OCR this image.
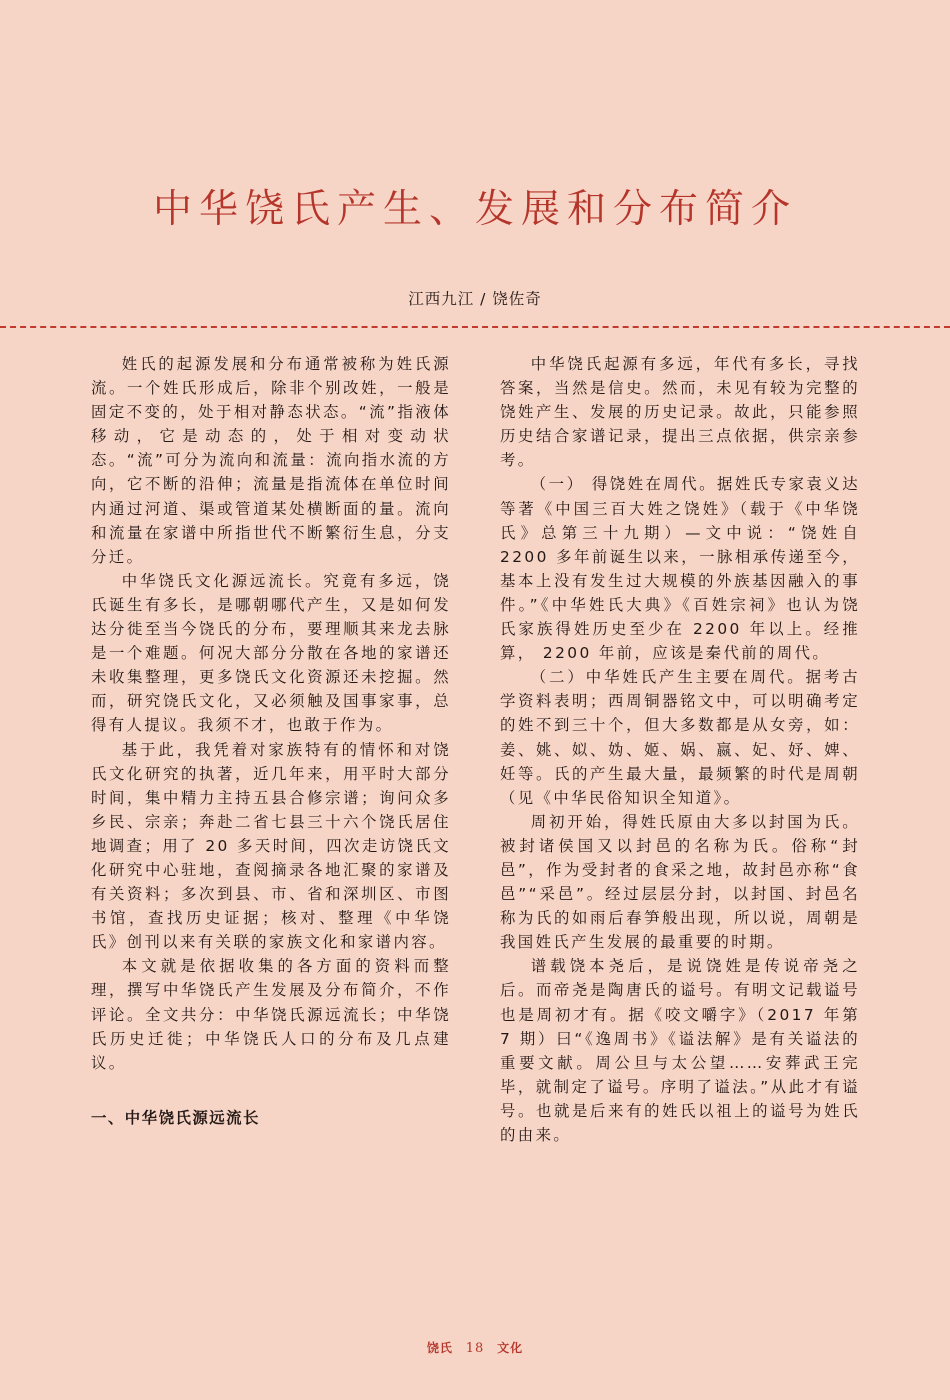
中华饶氏产生、发展和分布简介
江西九江 / 饶佐奇

姓氏的起源发展和分布通常被称为姓氏源流。一个姓氏形成后，除非个别改姓，一般是固定不变的，处于相对静态状态。“流”指液体移动，它是动态的，处于相对变动状态。“流”可分为流向和流量：流向指水流的方向，它不断的沿伸；流量是指流体在单位时间内通过河道、渠或管道某处横断面的量。流向和流量在家谱中所指世代不断繁衍生息，分支分迁。

中华饶氏文化源远流长。究竟有多远，饶氏诞生有多长，是哪朝哪代产生，又是如何发达分徙至当今饶氏的分布，要理顺其来龙去脉是一个难题。何况大部分分散在各地的家谱还未收集整理，更多饶氏文化资源还未挖掘。然而，研究饶氏文化，又必须触及国事家事，总得有人提议。我须不才，也敢于作为。

基于此，我凭着对家族特有的情怀和对饶氏文化研究的执著，近几年来，用平时大部分时间，集中精力主持五县合修宗谱；询问众多乡民、宗亲；奔赴二省七县三十六个饶氏居住地调查；用了 20 多天时间，四次走访饶氏文化研究中心驻地，查阅摘录各地汇聚的家谱及有关资料；多次到县、市、省和深圳区、市图书馆，查找历史证据；核对、整理《中华饶氏》创刊以来有关联的家族文化和家谱内容。

本文就是依据收集的各方面的资料而整理，撰写中华饶氏产生发展及分布简介，不作评论。全文共分：中华饶氏源远流长；中华饶氏历史迁徙；中华饶氏人口的分布及几点建议。

一、中华饶氏源远流长

中华饶氏起源有多远，年代有多长，寻找答案，当然是信史。然而，未见有较为完整的饶姓产生、发展的历史记录。故此，只能参照历史结合家谱记录，提出三点依据，供宗亲参考。

（一） 得饶姓在周代。据姓氏专家袁义达等著《中国三百大姓之饶姓》（载于《中华饶氏》总第三十九期）—文中说：“饶姓自 2200 多年前诞生以来，一脉相承传递至今，基本上没有发生过大规模的外族基因融入的事件。”《中华姓氏大典》《百姓宗祠》也认为饶氏家族得姓历史至少在 2200 年以上。经推算， 2200 年前，应该是秦代前的周代。

（二）中华姓氏产生主要在周代。据考古学资料表明；西周铜器铭文中，可以明确考定的姓不到三十个，但大多数都是从女旁，如：姜、姚、姒、妫、姬、娲、嬴、妃、妤、婢、妊等。氏的产生最大量，最频繁的时代是周朝（见《中华民俗知识全知道》。

周初开始，得姓氏原由大多以封国为氏。被封诸侯国又以封邑的名称为氏。俗称“封邑”，作为受封者的食采之地，故封邑亦称“食邑”“采邑”。经过层层分封，以封国、封邑名称为氏的如雨后春笋般出现，所以说，周朝是我国姓氏产生发展的最重要的时期。

谱载饶本尧后，是说饶姓是传说帝尧之后。而帝尧是陶唐氏的谥号。有明文记载谥号也是周初才有。据《咬文嚼字》（2017 年第 7 期）曰“《逸周书》《谥法解》是有关谥法的重要文献。周公旦与太公望……安葬武王完毕，就制定了谥号。序明了谥法。”从此才有谥号。也就是后来有的姓氏以祖上的谥号为姓氏的由来。

饶氏 18 文化
